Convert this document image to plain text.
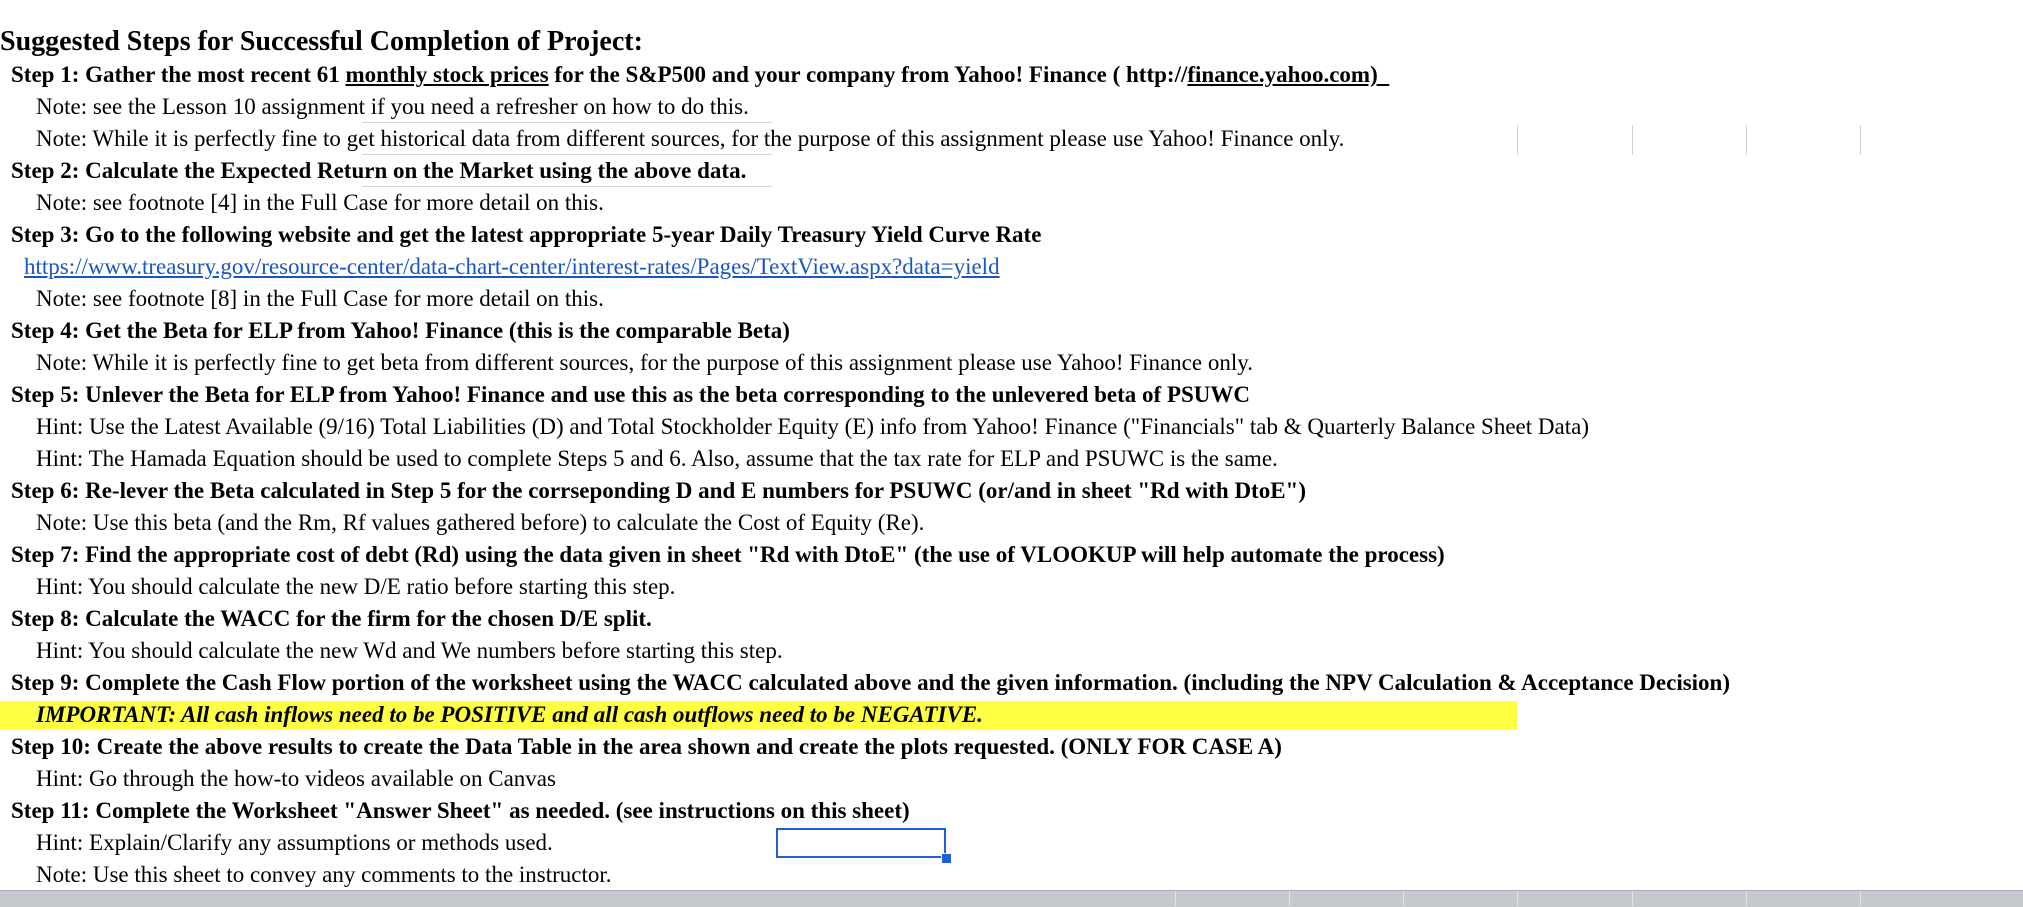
Suggested Steps for Successful Completion of Project:
Step 1: Gather the most recent 61 monthly stock prices for the S&P500 and your company from Yahoo! Finance ( http://finance.yahoo.com)
Note: see the Lesson 10 assignment if you need a refresher on how to do this.
Note: While it is perfectly fine to get historical data from different sources, for the purpose of this assignment please use Yahoo! Finance only.
Step 2: Calculate the Expected Return on the Market using the above data.
Note: see footnote [4] in the Full Case for more detail on this.
Step 3: Go to the following website and get the latest appropriate 5-year Daily Treasury Yield Curve Rate
https://www.treasury.gov/resource-center/data-chart-center/interest-rates/Pages/TextView.aspx?data=yield
Note: see footnote [8] in the Full Case for more detail on this.
Step 4: Get the Beta for ELP from Yahoo! Finance (this is the comparable Beta)
Note: While it is perfectly fine to get beta from different sources, for the purpose of this assignment please use Yahoo! Finance only.
Step 5: Unlever the Beta for ELP from Yahoo! Finance and use this as the beta corresponding to the unlevered beta of PSUWC
Hint: Use the Latest Available (9/16) Total Liabilities (D) and Total Stockholder Equity (E) info from Yahoo! Finance ("Financials" tab & Quarterly Balance Sheet Data)
Hint: The Hamada Equation should be used to complete Steps 5 and 6. Also, assume that the tax rate for ELP and PSUWC is the same.
Step 6: Re-lever the Beta calculated in Step 5 for the corrseponding D and E numbers for PSUWC (or/and in sheet "Rd with DtoE")
Note: Use this beta (and the Rm, Rf values gathered before) to calculate the Cost of Equity (Re).
Step 7: Find the appropriate cost of debt (Rd) using the data given in sheet "Rd with DtoE" (the use of VLOOKUP will help automate the process)
Hint: You should calculate the new D/E ratio before starting this step.
Step 8: Calculate the WACC for the firm for the chosen D/E split.
Hint: You should calculate the new Wd and We numbers before starting this step.
Step 9: Complete the Cash Flow portion of the worksheet using the WACC calculated above and the given information. (including the NPV Calculation & Acceptance Decision)
IMPORTANT: All cash inflows need to be POSITIVE and all cash outflows need to be NEGATIVE.
Step 10: Create the above results to create the Data Table in the area shown and create the plots requested. (ONLY FOR CASE A)
Hint: Go through the how-to videos available on Canvas
Step 11: Complete the Worksheet "Answer Sheet" as needed. (see instructions on this sheet)
Hint: Explain/Clarify any assumptions or methods used.
Note: Use this sheet to convey any comments to the instructor.
